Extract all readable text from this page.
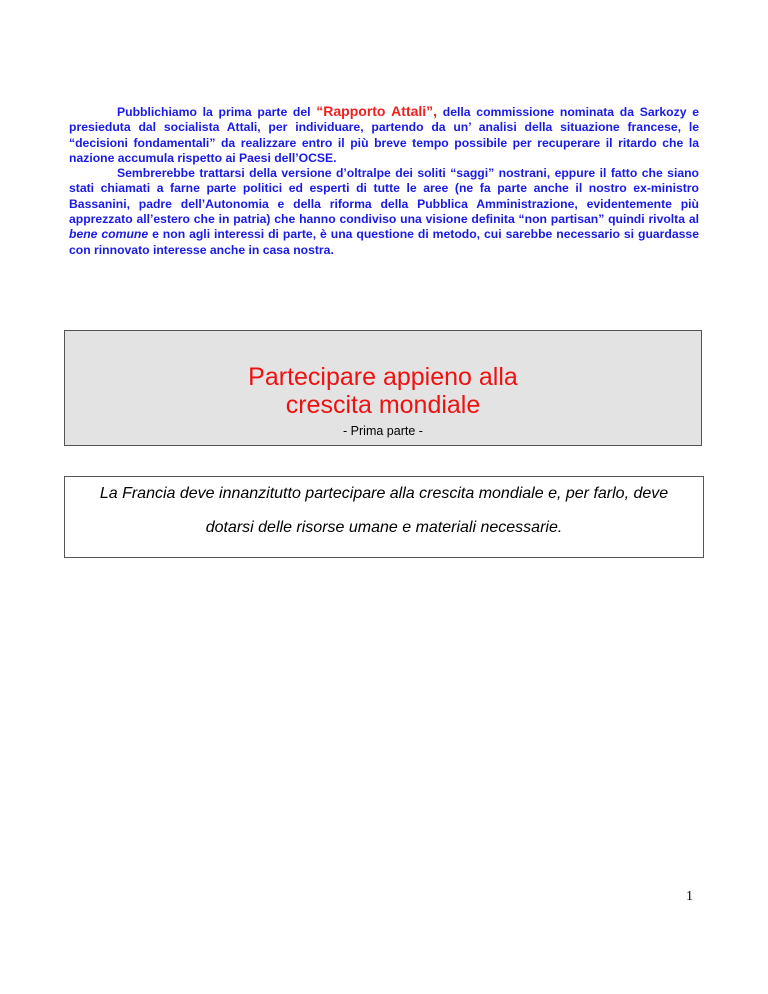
Pubblichiamo la prima parte del “Rapporto Attali”, della commissione nominata da Sarkozy e presieduta dal socialista Attali, per individuare, partendo da un’ analisi della situazione francese, le “decisioni fondamentali” da realizzare entro il più breve tempo possibile per recuperare il ritardo che la nazione accumula rispetto ai Paesi dell’OCSE.

Sembrerebbe trattarsi della versione d’oltralpe dei soliti “saggi” nostrani, eppure il fatto che siano stati chiamati a farne parte politici ed esperti di tutte le aree (ne fa parte anche il nostro ex-ministro Bassanini, padre dell’Autonomia e della riforma della Pubblica Amministrazione, evidentemente più apprezzato all’estero che in patria) che hanno condiviso una visione definita “non partisan” quindi rivolta al bene comune e non agli interessi di parte, è una questione di metodo, cui sarebbe necessario si guardasse con rinnovato interesse anche in casa nostra.

Partecipare appieno alla
crescita mondiale
- Prima parte -
La Francia deve innanzitutto partecipare alla crescita mondiale e, per farlo, deve
dotarsi delle risorse umane e materiali necessarie.
1
